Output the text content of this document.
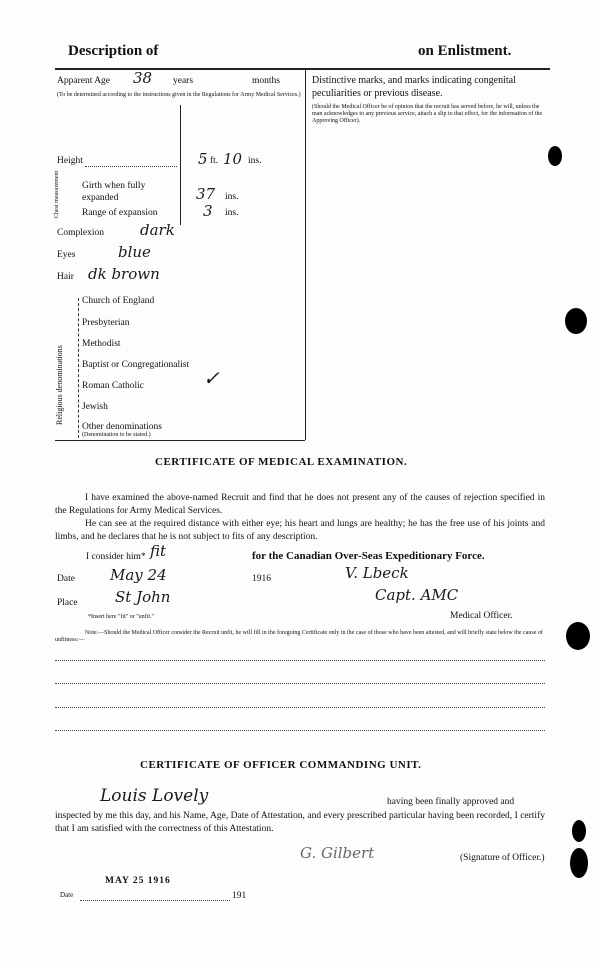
Description of	on Enlistment.
Apparent Age 38 years	months
(To be determined according to the instructions given in the Regulations for Army Medical Services.)
Height	5 ft. 10 ins.
Chest measurement Girth when fully expanded	37 ins.
Range of expansion	3 ins.
Complexion dark
Eyes	blue
Hair dk brown
Religious denominations
Church of England
Presbyterian
Methodist
Baptist or Congregationalist
Roman Catholic	✓
Jewish
Other denominations
(Denomination to be stated.)
Distinctive marks, and marks indicating congenital peculiarities or previous disease.
(Should the Medical Officer be of opinion that the recruit has served before, he will, unless the man acknowledges to any previous service, attach a slip to that effect, for the information of the Approving Officer).
CERTIFICATE OF MEDICAL EXAMINATION.
I have examined the above-named Recruit and find that he does not present any of the causes of rejection specified in the Regulations for Army Medical Services.
He can see at the required distance with either eye; his heart and lungs are healthy; he has the free use of his joints and limbs, and he declares that he is not subject to fits of any description.
I consider him* fit	for the Canadian Over-Seas Expeditionary Force.
Date May 24	1916	V. Lbeck
Place St John	Capt. AMC
Medical Officer.
*Insert here "fit" or "unfit."
Note.—Should the Medical Officer consider the Recruit unfit, he will fill in the foregoing Certificate only in the case of those who have been attested, and will briefly state below the cause of unfitness:—
CERTIFICATE OF OFFICER COMMANDING UNIT.
Louis Lovely	having been finally approved and
inspected by me this day, and his Name, Age, Date of Attestation, and every prescribed particular having been recorded, I certify that I am satisfied with the correctness of this Attestation.
G. Gilbert	(Signature of Officer.)
MAY 25 1916
Date	191
